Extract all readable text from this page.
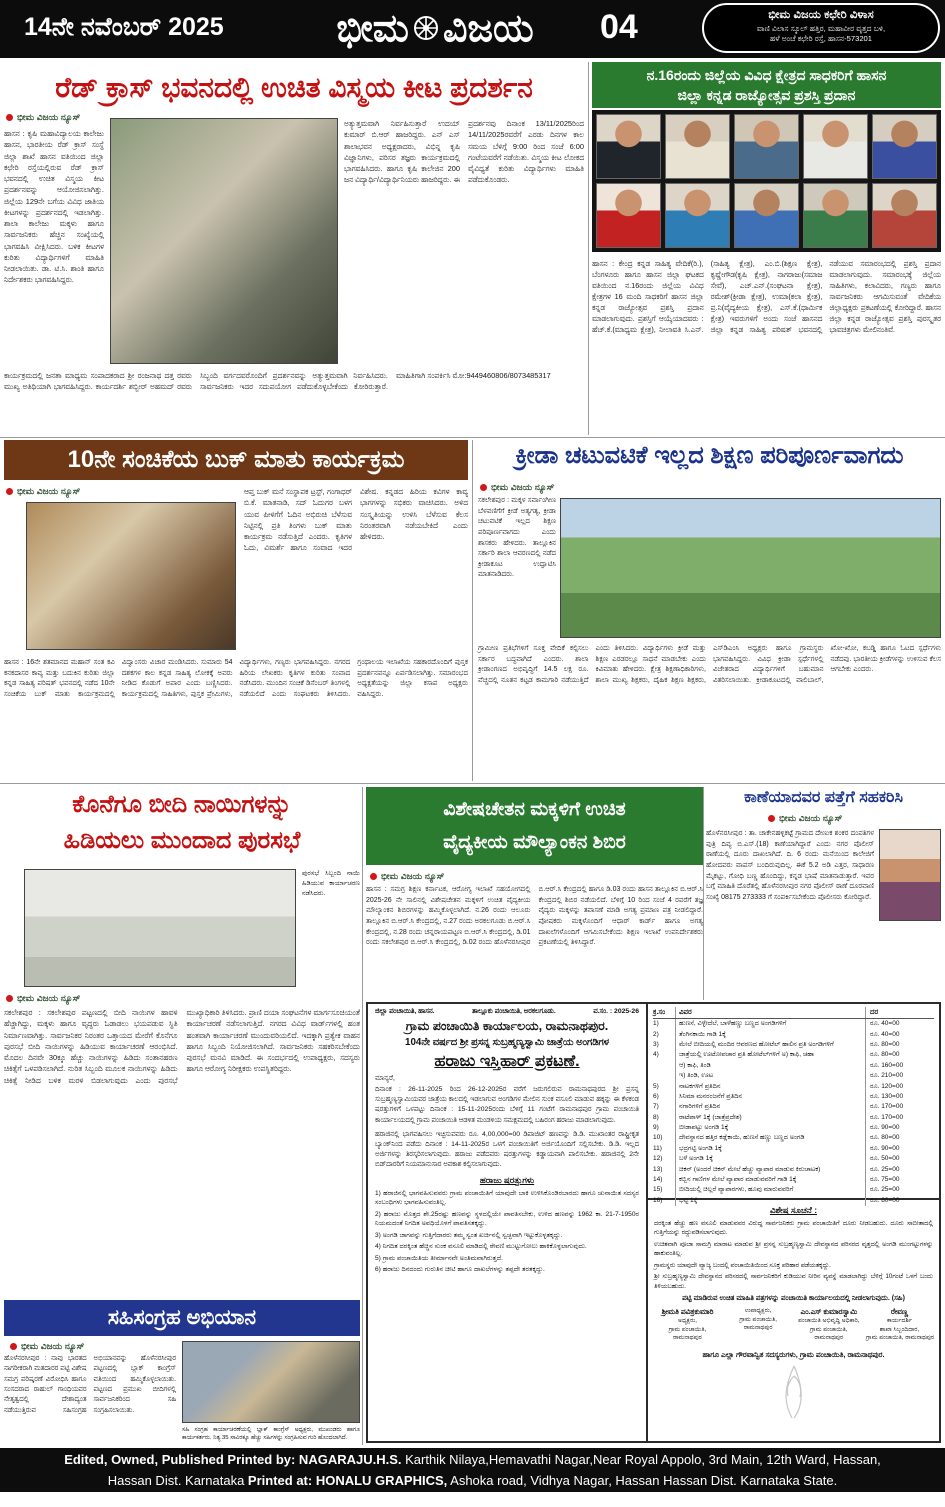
14ನೇ ನವೆಂಬರ್ 2025	ಭೀಮ ವಿಜಯ 04	ಭೀಮ ವಿಜಯ ಕಛೇರಿ ವಿಳಾಸ
ವಾಣಿ ವಿಲಾಸ ಸ್ಕೂಲ್ ಹತ್ತಿರ, ಮಹಾವೀರ ವೃತ್ತದ ಬಳಿ,
ಹಳೆ ಅಂಚೆ ಕಛೇರಿ ರಸ್ತೆ, ಹಾಸನ-573201
ರೆಡ್ ಕ್ರಾಸ್ ಭವನದಲ್ಲಿ ಉಚಿತ ವಿಸ್ಮಯ ಕೀಟ ಪ್ರದರ್ಶನ
ಭೀಮ ವಿಜಯ ನ್ಯೂಸ್
ಹಾಸನ : ಕೃಷಿ ಮಹಾವಿದ್ಯಾಲಯ ಕಾಲೇಜು ಹಾಸನ, ಭಾರತೀಯ ರೆಡ್ ಕ್ರಾಸ್ ಸಂಸ್ಥೆ ಜಿಲ್ಲಾ ಶಾಖೆ ಹಾಸನ ವತಿಯಿಂದ ಜಿಲ್ಲಾ ಕಛೇರಿ ರಸ್ತೆಯಲ್ಲಿರುವ ರೆಡ್ ಕ್ರಾಸ್ ಭವನದಲ್ಲಿ ಉಚಿತ ವಿಸ್ಮಯ ಕೀಟ ಪ್ರದರ್ಶನವನ್ನು ಆಯೋಜಿಸಲಾಗಿತ್ತು. ಜಿಲ್ಲೆಯ 129ನೇ ಬಗೆಯ ವಿವಿಧ ಜಾತಿಯ ಕೀಟಗಳನ್ನು ಪ್ರದರ್ಶನದಲ್ಲಿ ಇಡಲಾಗಿತ್ತು. ಶಾಲಾ ಕಾಲೇಜು ಮಕ್ಕಳು ಹಾಗೂ ಸಾರ್ವಜನಿಕರು ಹೆಚ್ಚಿನ ಸಂಖ್ಯೆಯಲ್ಲಿ ಭಾಗವಹಿಸಿ ವೀಕ್ಷಿಸಿದರು. ಬಳಿಕ ಕೀಟಗಳ ಕುರಿತು ವಿದ್ಯಾರ್ಥಿಗಳಿಗೆ ಮಾಹಿತಿ ನೀಡಲಾಯಿತು. ಡಾ. ಟಿ.ಸಿ. ಶಾಂತಿ ಹಾಗೂ ನಿರ್ದೇಶಕರು ಭಾಗವಹಿಸಿದ್ದರು.
ಅತ್ಯುತ್ತಮವಾಗಿ ನಿರ್ವಹಿಸುತ್ತಾರೆ ಉದಯ್ ಕುಮಾರ್ ಬಿ.ಆರ್ ಹಾಜರಿದ್ದರು. ಎನ್ ಎಸ್ ಶಾಲಾಭವನ ಅಧ್ಯಕ್ಷರಾದರು, ವಿಭಿನ್ನ ಕೃಷಿ ವಿಜ್ಞಾನಿಗಳು, ಪರಿಸರ ತಜ್ಞರು ಕಾರ್ಯಕ್ರಮದಲ್ಲಿ ಭಾಗವಹಿಸಿದರು. ಹಾಗೂ ಕೃಷಿ ಕಾಲೇಜಿನ 200 ಜನ ವಿದ್ಯಾರ್ಥಿ/ವಿದ್ಯಾರ್ಥಿನಿಯರು ಹಾಜರಿದ್ದರು. ಈ ಪ್ರದರ್ಶನವು ದಿನಾಂಕ 13/11/2025ರಿಂದ 14/11/2025ರವರೆಗೆ ಎರಡು ದಿನಗಳ ಕಾಲ ಸಮಯ ಬೆಳಿಗ್ಗೆ 9:00 ರಿಂದ ಸಂಜೆ 6:00 ಗಂಟೆಯವರೆಗೆ ನಡೆಯಿತು. ವಿಸ್ಮಯ ಕೀಟ ಲೋಕದ ವೈವಿಧ್ಯತೆ ಕುರಿತು ವಿದ್ಯಾರ್ಥಿಗಳು ಮಾಹಿತಿ ಪಡೆದುಕೊಂಡರು.
ಕಾರ್ಯಕ್ರಮದಲ್ಲಿ ಜನತಾ ಮಾಧ್ಯಮ ಸಂಪಾದಕರಾದ ಶ್ರೀ ರಂಜನಾಥ ದತ್ತ ರವರು ಮುಖ್ಯ ಅತಿಥಿಯಾಗಿ ಭಾಗವಹಿಸಿದ್ದರು. ಕಾರ್ಯದರ್ಶಿ ಶಬ್ಬೀರ್ ಅಹಮದ್ ರವರು ಸಿಬ್ಬಂದಿ ವರ್ಗದವರೊಂದಿಗೆ ಪ್ರದರ್ಶನವನ್ನು ಅತ್ಯುತ್ತಮವಾಗಿ ನಿರ್ವಹಿಸಿದರು. ಸಾರ್ವಜನಿಕರು ಇದರ ಸದುಪಯೋಗ ಪಡೆದುಕೊಳ್ಳಬೇಕೆಂದು ಕೋರಿರುತ್ತಾರೆ. ಮಾಹಿತಿಗಾಗಿ ಸಂಪರ್ಕಿಸಿ ಮೋ:9449460806/8073485317
ನ.16ರಂದು ಜಿಲ್ಲೆಯ ವಿವಿಧ ಕ್ಷೇತ್ರದ ಸಾಧಕರಿಗೆ ಹಾಸನ
ಜಿಲ್ಲಾ ಕನ್ನಡ ರಾಜ್ಯೋತ್ಸವ ಪ್ರಶಸ್ತಿ ಪ್ರದಾನ
ಹಾಸನ : ಕೇಂದ್ರ ಕನ್ನಡ ಸಾಹಿತ್ಯ ವೇದಿಕೆ(ರಿ.), ಬೆಂಗಳೂರು ಹಾಗೂ ಹಾಸನ ಜಿಲ್ಲಾ ಘಟಕದ ವತಿಯಿಂದ ನ.16ರಂದು ಜಿಲ್ಲೆಯ ವಿವಿಧ ಕ್ಷೇತ್ರಗಳ 16 ಮಂದಿ ಸಾಧಕರಿಗೆ ಹಾಸನ ಜಿಲ್ಲಾ ಕನ್ನಡ ರಾಜ್ಯೋತ್ಸವ ಪ್ರಶಸ್ತಿ ಪ್ರದಾನ ಮಾಡಲಾಗುವುದು. ಪ್ರಶಸ್ತಿಗೆ ಆಯ್ಕೆಯಾದವರು : ಹೆಚ್.ಕೆ.(ಮಾಧ್ಯಮ ಕ್ಷೇತ್ರ), ನೀಲಾವತಿ ಸಿ.ಎನ್.(ಸಾಹಿತ್ಯ ಕ್ಷೇತ್ರ), ಎಂ.ಬಿ.(ಶಿಕ್ಷಣ ಕ್ಷೇತ್ರ), ಕೃಷ್ಣೇಗೌಡ(ಕೃಷಿ ಕ್ಷೇತ್ರ), ನಾಗರಾಜು(ಸಮಾಜ ಸೇವೆ), ಎಚ್.ಎನ್.(ಸಂಘಟನಾ ಕ್ಷೇತ್ರ), ರಮೇಶ್(ಕ್ರೀಡಾ ಕ್ಷೇತ್ರ), ಉಮಾ(ಕಲಾ ಕ್ಷೇತ್ರ), ಪ್ರ.ನಿ(ವೈದ್ಯಕೀಯ ಕ್ಷೇತ್ರ), ಎಸ್.ಕೆ.(ಧಾರ್ಮಿಕ ಕ್ಷೇತ್ರ) ಇವರುಗಳಿಗೆ ಅಂದು ಸಂಜೆ ಹಾಸನದ ಜಿಲ್ಲಾ ಕನ್ನಡ ಸಾಹಿತ್ಯ ಪರಿಷತ್ ಭವನದಲ್ಲಿ ನಡೆಯುವ ಸಮಾರಂಭದಲ್ಲಿ ಪ್ರಶಸ್ತಿ ಪ್ರದಾನ ಮಾಡಲಾಗುವುದು. ಸಮಾರಂಭಕ್ಕೆ ಜಿಲ್ಲೆಯ ಸಾಹಿತಿಗಳು, ಕಲಾವಿದರು, ಗಣ್ಯರು ಹಾಗೂ ಸಾರ್ವಜನಿಕರು ಆಗಮಿಸುವಂತೆ ವೇದಿಕೆಯ ಜಿಲ್ಲಾಧ್ಯಕ್ಷರು ಪ್ರಕಟಣೆಯಲ್ಲಿ ಕೋರಿದ್ದಾರೆ. ಹಾಸನ ಜಿಲ್ಲಾ ಕನ್ನಡ ರಾಜ್ಯೋತ್ಸವ ಪ್ರಶಸ್ತಿ ಪುರಸ್ಕೃತರ ಭಾವಚಿತ್ರಗಳು ಮೇಲಿನಂತಿವೆ.
10ನೇ ಸಂಚಿಕೆಯ ಬುಕ್ ಮಾತು ಕಾರ್ಯಕ್ರಮ
ಭೀಮ ವಿಜಯ ನ್ಯೂಸ್	ಆಪ್ತ ಬುಕ್ ಮನೆ ಸಂಸ್ಥಾಪಕ ಟ್ರಸ್ಟ್, ಗಂಗಾಧರ್ ಬಿ.ಕೆ. ಮಾತನಾಡಿ, ಸದ್ ಓದುಗರ ಬಳಗ ಯುವ ಪೀಳಿಗೆಗೆ ಓದಿನ ಅಭಿರುಚಿ ಬೆಳೆಸುವ ನಿಟ್ಟಿನಲ್ಲಿ ಪ್ರತಿ ತಿಂಗಳು ಬುಕ್ ಮಾತು ಕಾರ್ಯಕ್ರಮ ನಡೆಸುತ್ತಿದೆ ಎಂದರು. ಕೃತಿಗಳ ಓದು, ವಿಮರ್ಶೆ ಹಾಗೂ ಸಂವಾದ ಇದರ ವಿಶೇಷ. ಕನ್ನಡದ ಹಿರಿಯ ಕವಿಗಳ ಕಾವ್ಯ ಭಾಗಗಳನ್ನು ಸಭಿಕರು ವಾಚಿಸಿದರು. ಅಳಿದ ಸಂಸ್ಕೃತಿಯನ್ನು ಉಳಿಸಿ ಬೆಳೆಸುವ ಕೆಲಸ ನಿರಂತರವಾಗಿ ನಡೆಯಬೇಕಿದೆ ಎಂದು ಹೇಳಿದರು.
ಹಾಸನ : 16ನೇ ಶತಮಾನದ ಮಹಾನ್ ಸಂತ ಕವಿ ಕನಕದಾಸರ ಕಾವ್ಯ ಮತ್ತು ಬದುಕಿನ ಕುರಿತು ಜಿಲ್ಲಾ ಕನ್ನಡ ಸಾಹಿತ್ಯ ಪರಿಷತ್ ಭವನದಲ್ಲಿ ನಡೆದ 10ನೇ ಸಂಚಿಕೆಯ ಬುಕ್ ಮಾತು ಕಾರ್ಯಕ್ರಮದಲ್ಲಿ ವಿದ್ವಾಂಸರು ವಿಚಾರ ಮಂಡಿಸಿದರು. ಸುಮಾರು 54 ದಶಕಗಳ ಕಾಲ ಕನ್ನಡ ಸಾಹಿತ್ಯ ಲೋಕಕ್ಕೆ ಅವರು ನೀಡಿದ ಕೊಡುಗೆ ಅಪಾರ ಎಂದು ಬಣ್ಣಿಸಿದರು. ಕಾರ್ಯಕ್ರಮದಲ್ಲಿ ಸಾಹಿತಿಗಳು, ಪುಸ್ತಕ ಪ್ರೇಮಿಗಳು, ವಿದ್ಯಾರ್ಥಿಗಳು, ಗಣ್ಯರು ಭಾಗವಹಿಸಿದ್ದರು. ನಗರದ ಹಿರಿಯ ಲೇಖಕರು ಕೃತಿಗಳ ಕುರಿತು ಸಂವಾದ ನಡೆಸಿದರು. ಮುಂದಿನ ಸಂಚಿಕೆ ಡಿಸೆಂಬರ್ ತಿಂಗಳಲ್ಲಿ ನಡೆಯಲಿದೆ ಎಂದು ಸಂಘಟಕರು ತಿಳಿಸಿದರು. ಗ್ರಂಥಾಲಯ ಇಲಾಖೆಯ ಸಹಕಾರದೊಂದಿಗೆ ಪುಸ್ತಕ ಪ್ರದರ್ಶನವನ್ನೂ ಏರ್ಪಡಿಸಲಾಗಿತ್ತು. ಸಮಾರಂಭದ ಅಧ್ಯಕ್ಷತೆಯನ್ನು ಜಿಲ್ಲಾ ಕಸಾಪ ಅಧ್ಯಕ್ಷರು ವಹಿಸಿದ್ದರು.
ಕ್ರೀಡಾ ಚಟುವಟಿಕೆ ಇಲ್ಲದ ಶಿಕ್ಷಣ ಪರಿಪೂರ್ಣವಾಗದು
ಭೀಮ ವಿಜಯ ನ್ಯೂಸ್
ಸಕಲೇಶಪುರ : ಮಕ್ಕಳ ಸರ್ವಾಂಗೀಣ ಬೆಳವಣಿಗೆಗೆ ಕ್ರೀಡೆ ಅತ್ಯಗತ್ಯ, ಕ್ರೀಡಾ ಚಟುವಟಿಕೆ ಇಲ್ಲದ ಶಿಕ್ಷಣ ಪರಿಪೂರ್ಣವಾಗದು ಎಂದು ಶಾಸಕರು ಹೇಳಿದರು. ತಾಲ್ಲೂಕಿನ ಸರ್ಕಾರಿ ಶಾಲಾ ಆವರಣದಲ್ಲಿ ನಡೆದ ಕ್ರೀಡಾಕೂಟ ಉದ್ಘಾಟಿಸಿ ಮಾತನಾಡಿದರು.
ಗ್ರಾಮೀಣ ಪ್ರತಿಭೆಗಳಿಗೆ ಸೂಕ್ತ ವೇದಿಕೆ ಕಲ್ಪಿಸಲು ಸರ್ಕಾರ ಬದ್ಧವಾಗಿದೆ ಎಂದರು. ಶಾಲಾ ಕ್ರೀಡಾಂಗಣದ ಅಭಿವೃದ್ಧಿಗೆ 14.5 ಲಕ್ಷ ರೂ. ವೆಚ್ಚದಲ್ಲಿ ನೂತನ ಕಟ್ಟಡ ಕಾಮಗಾರಿ ನಡೆಯುತ್ತಿದೆ ಎಂದು ತಿಳಿಸಿದರು. ವಿದ್ಯಾರ್ಥಿಗಳು ಕ್ರೀಡೆ ಮತ್ತು ಶಿಕ್ಷಣ ಎರಡರಲ್ಲೂ ಸಾಧನೆ ಮಾಡಬೇಕು ಎಂದು ಕಿವಿಮಾತು ಹೇಳಿದರು. ಕ್ಷೇತ್ರ ಶಿಕ್ಷಣಾಧಿಕಾರಿಗಳು, ಶಾಲಾ ಮುಖ್ಯ ಶಿಕ್ಷಕರು, ದೈಹಿಕ ಶಿಕ್ಷಣ ಶಿಕ್ಷಕರು, ಎಸ್‌ಡಿಎಂಸಿ ಅಧ್ಯಕ್ಷರು ಹಾಗೂ ಗ್ರಾಮಸ್ಥರು ಭಾಗವಹಿಸಿದ್ದರು. ವಿವಿಧ ಕ್ರೀಡಾ ಸ್ಪರ್ಧೆಗಳಲ್ಲಿ ವಿಜೇತರಾದ ವಿದ್ಯಾರ್ಥಿಗಳಿಗೆ ಬಹುಮಾನ ವಿತರಿಸಲಾಯಿತು. ಕ್ರೀಡಾಕೂಟದಲ್ಲಿ ವಾಲಿಬಾಲ್, ಖೋ-ಖೋ, ಕಬಡ್ಡಿ ಹಾಗೂ ಓಟದ ಸ್ಪರ್ಧೆಗಳು ನಡೆದವು. ಭಾರತೀಯ ಕ್ರೀಡೆಗಳನ್ನು ಉಳಿಸುವ ಕೆಲಸ ಆಗಬೇಕು ಎಂದರು.
ಕೊನೆಗೂ ಬೀದಿ ನಾಯಿಗಳನ್ನು
ಹಿಡಿಯಲು ಮುಂದಾದ ಪುರಸಭೆ
ಪುರಸಭೆ ಸಿಬ್ಬಂದಿ ನಾಯಿ ಹಿಡಿಯುವ ಕಾರ್ಯಾಚರಣ ನಡೆಸಿದರು.
ಭೀಮ ವಿಜಯ ನ್ಯೂಸ್
ಸಕಲೇಶಪುರ : ಸಕಲೇಶಪುರ ಪಟ್ಟಣದಲ್ಲಿ ಬೀದಿ ನಾಯಿಗಳ ಹಾವಳಿ ಹೆಚ್ಚಾಗಿದ್ದು, ಮಕ್ಕಳು ಹಾಗೂ ವೃದ್ಧರು ಓಡಾಡಲು ಭಯಪಡುವ ಸ್ಥಿತಿ ನಿರ್ಮಾಣವಾಗಿತ್ತು. ಸಾರ್ವಜನಿಕರ ನಿರಂತರ ಒತ್ತಾಯದ ಮೇರೆಗೆ ಕೊನೆಗೂ ಪುರಸಭೆ ಬೀದಿ ನಾಯಿಗಳನ್ನು ಹಿಡಿಯುವ ಕಾರ್ಯಾಚರಣೆ ಆರಂಭಿಸಿದೆ. ಮೊದಲ ದಿನವೇ 30ಕ್ಕೂ ಹೆಚ್ಚು ನಾಯಿಗಳನ್ನು ಹಿಡಿದು ಸಂತಾನಹರಣ ಚಿಕಿತ್ಸೆಗೆ ಒಳಪಡಿಸಲಾಗಿದೆ. ನುರಿತ ಸಿಬ್ಬಂದಿ ಮೂಲಕ ನಾಯಿಗಳನ್ನು ಹಿಡಿದು ಚಿಕಿತ್ಸೆ ನೀಡಿದ ಬಳಿಕ ಮರಳಿ ಬಿಡಲಾಗುವುದು ಎಂದು ಪುರಸಭೆ ಮುಖ್ಯಾಧಿಕಾರಿ ತಿಳಿಸಿದರು. ಪ್ರಾಣಿ ದಯಾ ಸಂಘಟನೆಗಳ ಮಾರ್ಗಸೂಚಿಯಂತೆ ಕಾರ್ಯಾಚರಣೆ ನಡೆಸಲಾಗುತ್ತಿದೆ. ನಗರದ ವಿವಿಧ ವಾರ್ಡ್‌ಗಳಲ್ಲಿ ಹಂತ ಹಂತವಾಗಿ ಕಾರ್ಯಾಚರಣೆ ಮುಂದುವರಿಯಲಿದೆ. ಇದಕ್ಕಾಗಿ ಪ್ರತ್ಯೇಕ ವಾಹನ ಹಾಗೂ ಸಿಬ್ಬಂದಿ ನಿಯೋಜಿಸಲಾಗಿದೆ. ಸಾರ್ವಜನಿಕರು ಸಹಕರಿಸಬೇಕೆಂದು ಪುರಸಭೆ ಮನವಿ ಮಾಡಿದೆ. ಈ ಸಂದರ್ಭದಲ್ಲಿ ಉಪಾಧ್ಯಕ್ಷರು, ಸದಸ್ಯರು ಹಾಗೂ ಆರೋಗ್ಯ ನಿರೀಕ್ಷಕರು ಉಪಸ್ಥಿತರಿದ್ದರು.
ವಿಶೇಷಚೇತನ ಮಕ್ಕಳಿಗೆ ಉಚಿತ
ವೈದ್ಯಕೀಯ ಮೌಲ್ಯಾಂಕನ ಶಿಬಿರ
ಭೀಮ ವಿಜಯ ನ್ಯೂಸ್
ಹಾಸನ : ಸಮಗ್ರ ಶಿಕ್ಷಣ ಕರ್ನಾಟಕ, ಆರೋಗ್ಯ ಇಲಾಖೆ ಸಹಯೋಗದಲ್ಲಿ 2025-26 ನೇ ಸಾಲಿನಲ್ಲಿ ವಿಶೇಷಚೇತನ ಮಕ್ಕಳಿಗೆ ಉಚಿತ ವೈದ್ಯಕೀಯ ಮೌಲ್ಯಾಂಕನ ಶಿಬಿರಗಳನ್ನು ಹಮ್ಮಿಕೊಳ್ಳಲಾಗಿದೆ. ನ.26 ರಂದು ಆಲೂರು ತಾಲ್ಲೂಕಿನ ಬಿ.ಆರ್.ಸಿ ಕೇಂದ್ರದಲ್ಲಿ, ನ.27 ರಂದು ಅರಕಲಗೂಡು ಬಿ.ಆರ್.ಸಿ ಕೇಂದ್ರದಲ್ಲಿ, ನ.28 ರಂದು ಚನ್ನರಾಯಪಟ್ಟಣ ಬಿ.ಆರ್.ಸಿ ಕೇಂದ್ರದಲ್ಲಿ, ಡಿ.01 ರಂದು ಸಕಲೇಶಪುರ ಬಿ.ಆರ್.ಸಿ ಕೇಂದ್ರದಲ್ಲಿ, ಡಿ.02 ರಂದು ಹೊಳೆನರಸೀಪುರ ಬಿ.ಆರ್.ಸಿ ಕೇಂದ್ರದಲ್ಲಿ ಹಾಗೂ ಡಿ.03 ರಂದು ಹಾಸನ ತಾಲ್ಲೂಕಿನ ಬಿ.ಆರ್.ಸಿ ಕೇಂದ್ರದಲ್ಲಿ ಶಿಬಿರ ನಡೆಯಲಿದೆ. ಬೆಳಿಗ್ಗೆ 10 ರಿಂದ ಸಂಜೆ 4 ರವರೆಗೆ ತಜ್ಞ ವೈದ್ಯರು ಮಕ್ಕಳನ್ನು ತಪಾಸಣೆ ಮಾಡಿ ಅಗತ್ಯ ಪ್ರಮಾಣ ಪತ್ರ ನೀಡಲಿದ್ದಾರೆ. ಪೋಷಕರು ಮಕ್ಕಳೊಂದಿಗೆ ಆಧಾರ್ ಕಾರ್ಡ್ ಹಾಗೂ ಅಗತ್ಯ ದಾಖಲೆಗಳೊಂದಿಗೆ ಆಗಮಿಸಬೇಕೆಂದು ಶಿಕ್ಷಣ ಇಲಾಖೆ ಉಪನಿರ್ದೇಶಕರು ಪ್ರಕಟಣೆಯಲ್ಲಿ ತಿಳಿಸಿದ್ದಾರೆ.
ಕಾಣೆಯಾದವರ ಪತ್ತೆಗೆ ಸಹಕರಿಸಿ
ಭೀಮ ವಿಜಯ ನ್ಯೂಸ್
ಹೊಳೆನರಸೀಪುರ : ತಾ. ಚಾಕೇನಹಳ್ಳಿಕಟ್ಟೆ ಗ್ರಾಮದ ದೇಣುಕ ಶಂಕರ ದಂಪತಿಗಳ ಪುತ್ರಿ ದಿವ್ಯ ಬಿ.ಎಸ್.(18) ಕಾಣೆಯಾಗಿದ್ದಾರೆ ಎಂದು ನಗರ ಪೊಲೀಸ್ ಠಾಣೆಯಲ್ಲಿ ದೂರು ದಾಖಲಾಗಿದೆ. ದಿ. 6 ರಂದು ಮನೆಯಿಂದ ಕಾಲೇಜಿಗೆ ಹೋದವರು ವಾಪಸ್ ಬಂದಿರುವುದಿಲ್ಲ. ಈಕೆ 5.2 ಅಡಿ ಎತ್ತರ, ಸಾಧಾರಣ ಮೈಕಟ್ಟು, ಗೋಧಿ ಬಣ್ಣ ಹೊಂದಿದ್ದು, ಕನ್ನಡ ಭಾಷೆ ಮಾತನಾಡುತ್ತಾರೆ. ಇವರ ಬಗ್ಗೆ ಮಾಹಿತಿ ದೊರೆತಲ್ಲಿ ಹೊಳೆನರಸೀಪುರ ನಗರ ಪೊಲೀಸ್ ಠಾಣೆ ದೂರವಾಣಿ ಸಂಖ್ಯೆ 08175 273333 ಗೆ ಸಂಪರ್ಕಿಸಬೇಕೆಂದು ಪೊಲೀಸರು ಕೋರಿದ್ದಾರೆ.
ಜಿಲ್ಲಾ ಪಂಚಾಯಿತಿ, ಹಾಸನ.	ತಾಲ್ಲೂಕು ಪಂಚಾಯಿತಿ, ಅರಕಲಗೂಡು.	ವ.ಸಂ. : 2025-26
ಗ್ರಾಮ ಪಂಚಾಯಿತಿ ಕಾರ್ಯಾಲಯ, ರಾಮನಾಥಪುರ.
104ನೇ ವರ್ಷದ ಶ್ರೀ ಪ್ರಸನ್ನ ಸುಬ್ರಹ್ಮಣ್ಯಸ್ವಾಮಿ ಜಾತ್ರೆಯ ಅಂಗಡಿಗಳ
ಹರಾಜು ಇಸ್ತಿಹಾರ್ ಪ್ರಕಟಣೆ.
ಮಾನ್ಯರೆ,
ದಿನಾಂಕ : 26-11-2025 ರಿಂದ 26-12-2025ರ ವರೆಗೆ ಜರುಗಲಿರುವ ರಾಮನಾಥಪುರದ ಶ್ರೀ ಪ್ರಸನ್ನ ಸುಬ್ರಹ್ಮಣ್ಯಸ್ವಾಮಿಯವರ ಜಾತ್ರೆಯ ಕಾಲದಲ್ಲಿ ಇಡಲಾಗುವ ಅಂಗಡಿಗಳ ಮೇಲಿನ ಸುಂಕ ವಸೂಲಿ ಮಾಡುವ ಹಕ್ಕನ್ನು ಈ ಕೆಳಕಂಡ ಷರತ್ತುಗಳಿಗೆ ಒಳಪಟ್ಟು ದಿನಾಂಕ : 15-11-2025ರಂದು ಬೆಳಿಗ್ಗೆ 11 ಗಂಟೆಗೆ ರಾಮನಾಥಪುರ ಗ್ರಾಮ ಪಂಚಾಯಿತಿ ಕಾರ್ಯಾಲಯದಲ್ಲಿ ಗ್ರಾಮ ಪಂಚಾಯಿತಿ ಆಡಳಿತ ಮಂಡಳಿಯ ಸಮಕ್ಷಮದಲ್ಲಿ ಬಹಿರಂಗ ಹರಾಜು ಮಾಡಲಾಗುವುದು.
ಹರಾಜಿನಲ್ಲಿ ಭಾಗವಹಿಸಲು ಇಚ್ಛಿಸುವವರು ರೂ. 4,00,000=00 ಡಿಪಾಜಿಟ್ ಹಣವನ್ನು ಡಿ.ಡಿ. ಮುಖಾಂತರ ರಾಷ್ಟ್ರೀಕೃತ ಬ್ಯಾಂಕ್‌ನಿಂದ ಪಡೆದು ದಿನಾಂಕ : 14-11-2025ರ ಒಳಗೆ ಪಂಚಾಯಿತಿಗೆ ಅರ್ಜಿಯೊಂದಿಗೆ ಸಲ್ಲಿಸಬೇಕು. ಡಿ.ಡಿ. ಇಲ್ಲದ ಅರ್ಜಿಗಳನ್ನು ತಿರಸ್ಕರಿಸಲಾಗುವುದು. ಹರಾಜು ಪಡೆದವರು ಷರತ್ತುಗಳನ್ನು ಕಡ್ಡಾಯವಾಗಿ ಪಾಲಿಸಬೇಕು. ಹರಾಜಿನಲ್ಲಿ 2ನೇ ಬಿಡ್‌ದಾರರಿಗೆ ನಿಯಮಾನುಸಾರ ಅವಕಾಶ ಕಲ್ಪಿಸಲಾಗುವುದು.
ಹರಾಜು ಷರತ್ತುಗಳು
1) ಹರಾಜಿನಲ್ಲಿ ಭಾಗವಹಿಸುವವರು ಗ್ರಾಮ ಪಂಚಾಯಿತಿಗೆ ಯಾವುದೇ ಬಾಕಿ ಉಳಿಸಿಕೊಂಡಿರಬಾರದು ಹಾಗೂ ಚುನಾಯಿತ ಸದಸ್ಯರ ಸಂಬಂಧಿಗಳು ಭಾಗವಹಿಸುವಂತಿಲ್ಲ.
2) ಹರಾಜು ಮೊತ್ತದ ಶೇ.25ರಷ್ಟು ಹಣವನ್ನು ಸ್ಥಳದಲ್ಲಿಯೇ ಪಾವತಿಸಬೇಕು, ಉಳಿದ ಹಣವನ್ನು 1962 ಕಾ. 21-7-1950ರ ನಿಯಮದಂತೆ ನಿಗದಿತ ಅವಧಿಯೊಳಗೆ ಪಾವತಿಸತಕ್ಕದ್ದು.
3) ಅಂಗಡಿ ಜಾಗವನ್ನು ಗುತ್ತಿಗೆದಾರರು ತಮ್ಮ ಸ್ವಂತ ಖರ್ಚಿನಲ್ಲಿ ಸ್ವಚ್ಛವಾಗಿ ಇಟ್ಟುಕೊಳ್ಳತಕ್ಕದ್ದು.
4) ನಿಗದಿತ ದರಕ್ಕಿಂತ ಹೆಚ್ಚಿನ ಸುಂಕ ವಸೂಲಿ ಮಾಡಿದಲ್ಲಿ ಠೇವಣಿ ಮುಟ್ಟುಗೋಲು ಹಾಕಿಕೊಳ್ಳಲಾಗುವುದು.
5) ಗ್ರಾಮ ಪಂಚಾಯಿತಿಯ ತೀರ್ಮಾನವೇ ಅಂತಿಮವಾಗಿರುತ್ತದೆ.
6) ಹರಾಜು ದಿನದಂದು ಗುರುತಿನ ಚೀಟಿ ಹಾಗೂ ದಾಖಲೆಗಳನ್ನು ತಪ್ಪದೇ ತರತಕ್ಕದ್ದು.
ಕ್ರ.ಸಂ	ವಿವರ	ದರ
1)	ಹುಣಸೆ, ವಿಳ್ಳೇದೆಲೆ, ಬಾಳೆಹಣ್ಣು ಬಣ್ಣದ ಅಂಗಡಿಗಳಿಗೆ	ರೂ. 40=00
2)	ತೆಂಗಿನಕಾಯಿ ಗಾಡಿ 1ಕ್ಕೆ	ರೂ. 40=00
3)	ಮೇಲೆ ಬೀದಿಯಲ್ಲಿ ಮಂದಿರ ಆವರಣದ ಹೋಟೆಲ್ ಹಾಲಿನ ಪ್ರತಿ ಅಂಗಡಿಗಳಿಗೆ	ರೂ. 80=00
4)	ಜಾತ್ರೆಯಲ್ಲಿ ಊಟೋಪಚಾರ ಪ್ರತಿ ಹೋಟೆಲ್‌ಗಳಿಗೆ ಅ) ಕಾಫಿ, ಚಹಾ	ರೂ. 80=00
ಆ) ಕಾಫಿ, ತಿಂಡಿ	ರೂ. 160=00
ಇ) ತಿಂಡಿ, ಊಟ	ರೂ. 210=00
5)	ನಾಟಕಗಳಿಗೆ ಪ್ರತಿದಿನ	ರೂ. 120=00
6)	ಸಿನಿಮಾ ಮನರಂಜನೆಗೆ ಪ್ರತಿದಿನ	ರೂ. 130=00
7)	ನಗಾರಿಗಳಿಗೆ ಪ್ರತಿದಿನ	ರೂ. 170=00
8)	ರಾಟೆಪಾಳ್ 1ಕ್ಕೆ (ಜಾತ್ರೆಪ್ರದೇಶ)	ರೂ. 170=00
9)	ಬೀಡಾಪಟ್ಟು ಅಂಗಡಿ 1ಕ್ಕೆ	ರೂ. 90=00
10)	ದೇವಸ್ಥಾನದ ಹತ್ತಿರ ಕಡ್ಲೆಕಾಯಿ, ಹುಣಸೆ ಹಣ್ಣು ಬಣ್ಣದ ಅಂಗಡಿ	ರೂ. 80=00
11)	ಭದ್ರಗಟ್ಟಿ ಅಂಗಡಿ 1ಕ್ಕೆ	ರೂ. 90=00
12)	ಬಳೆ ಅಂಗಡಿ 1ಕ್ಕೆ	ರೂ. 50=00
13)	ಚಿಕನ್ (ಅಂದರೆ ಚಿಕನ್ ಮೇಲೆ ಹೆಚ್ಚು ವ್ಯಾಪಾರ ಮಾಡುವ ಕಿರುಚಾಟಕ)	ರೂ. 25=00
14)	ಕಬ್ಬಿನ ಗಾಣಿಗಳ ಮೇಲೆ ವ್ಯಾಪಾರ ಮಾಡುವವರಿಗೆ ಗಾಡಿ 1ಕ್ಕೆ	ರೂ. 75=00
15)	ಬೀದಿಯಲ್ಲಿ ಚಿಲ್ಲರೆ ವ್ಯಾಪಾರಗಳು, ಹೂವು ಮಾರುವವರಿಗೆ	ರೂ. 25=00
16)	ಭಟ್ಟಿ 1ಕ್ಕೆ	ರೂ. 80=00
ವಿಶೇಷ ಸೂಚನೆ :
ದರಕ್ಕಿಂತ ಹೆಚ್ಚು ಹಣ ವಸೂಲಿ ಮಾಡುವವರ ವಿರುದ್ಧ ಸಾರ್ವಜನಿಕರು ಗ್ರಾಮ ಪಂಚಾಯಿತಿಗೆ ದೂರು ನೀಡಬಹುದು. ದೂರು ಸಾಬೀತಾದಲ್ಲಿ ಗುತ್ತಿಗೆಯನ್ನು ರದ್ದುಪಡಿಸಲಾಗುವುದು.
ಉಚಿತವಾಗಿ ಪೂಜಾ ಸಾಮಗ್ರಿ ಮಾರಾಟ ಮಾಡುವ ಶ್ರೀ ಪ್ರಸನ್ನ ಸುಬ್ರಹ್ಮಣ್ಯಸ್ವಾಮಿ ದೇವಸ್ಥಾನದ ಪರಿಸರದ ವೃತ್ತದಲ್ಲಿ ಅಂಗಡಿ ಮುಂಗಟ್ಟುಗಳನ್ನು ಹಾಕುವಂತಿಲ್ಲ.
ಗ್ರಾಮಸ್ಥರು ಯಾವುದೇ ವ್ಯಾಜ್ಯ ಬಂದಲ್ಲಿ ಪಂಚಾಯಿತಿಯಿಂದ ಸೂಕ್ತ ಪರಿಹಾರ ಪಡೆಯತಕ್ಕದ್ದು.
ಶ್ರೀ ಸುಬ್ರಹ್ಮಣ್ಯಸ್ವಾಮಿ ದೇವಸ್ಥಾನದ ಪರಿಸರದಲ್ಲಿ ಸಾರ್ವಜನಿಕರಿಗೆ ಕುಡಿಯುವ ನೀರಿನ ವ್ಯವಸ್ಥೆ ಮಾಡಲಾಗಿದ್ದು ಬೆಳಿಗ್ಗೆ 10ಗಂಟೆ ಒಳಗೆ ಬಂದು ತಿಳಿಯಬಹುದು.
ಪಟ್ಟಿ ಮಾಡಿರುವ ಉಚಿತ ಮಾಹಿತಿ ಪತ್ರಗಳನ್ನು ಪಂಚಾಯಿತಿ ಕಾರ್ಯಾಲಯದಲ್ಲಿ ನೀಡಲಾಗುವುದು. (ಸಹಿ)
ಶ್ರೀಮತಿ ಪವಿತ್ರಕುಮಾರಿ
ಅಧ್ಯಕ್ಷರು,
ಗ್ರಾಮ ಪಂಚಾಯಿತಿ,
ರಾಮನಾಥಪುರ
ಉಪಾಧ್ಯಕ್ಷರು,
ಗ್ರಾಮ ಪಂಚಾಯಿತಿ,
ರಾಮನಾಥಪುರ
ಎಂ.ಎಸ್ ಕುಮಾರಸ್ವಾಮಿ
ಪಂಚಾಯಿತಿ ಅಭಿವೃದ್ಧಿ ಅಧಿಕಾರಿ,
ಗ್ರಾಮ ಪಂಚಾಯಿತಿ,
ರಾಮನಾಥಪುರ
ರೇವಣ್ಣ
ಕಾರ್ಯದರ್ಶಿ
ಶಾಖಾ ಸಿಬ್ಬಂದಿದಾರ,
ಗ್ರಾಮ ಪಂಚಾಯಿತಿ, ರಾಮನಾಥಪುರ
ಹಾಗೂ ಎಲ್ಲಾ ಗೌರವಾನ್ವಿತ ಸದಸ್ಯರುಗಳು, ಗ್ರಾಮ ಪಂಚಾಯಿತಿ, ರಾಮನಾಥಪುರ.
ಸಹಿಸಂಗ್ರಹ ಅಭಿಯಾನ
ಭೀಮ ವಿಜಯ ನ್ಯೂಸ್
ಹೊಳೆನರಸೀಪುರ : ನಾವು ಭಾರತದ ನಾಗರೀಕರಾಗಿ ಮತದಾರರ ಪಟ್ಟಿ ವಿಶೇಷ ಸಮಗ್ರ ಪರಿಷ್ಕರಣೆ ವಿರೋಧಿಸಿ ಹಾಗೂ ಸಂಸದರಾದ ರಾಹುಲ್ ಗಾಂಧಿಯವರ ನೇತೃತ್ವದಲ್ಲಿ ದೇಶಾದ್ಯಂತ ನಡೆಯುತ್ತಿರುವ ಸಹಿಸಂಗ್ರಹ ಅಭಿಯಾನವನ್ನು ಹೊಳೆನರಸೀಪುರ ಪಟ್ಟಣದಲ್ಲಿ ಬ್ಲಾಕ್ ಕಾಂಗ್ರೆಸ್ ವತಿಯಿಂದ ಹಮ್ಮಿಕೊಳ್ಳಲಾಯಿತು. ಪಟ್ಟಣದ ಪ್ರಮುಖ ಬೀದಿಗಳಲ್ಲಿ ಸಾರ್ವಜನಿಕರಿಂದ ಸಹಿ ಸಂಗ್ರಹಿಸಲಾಯಿತು.
ಸಹಿ ಸಂಗ್ರಹ ಕಾರ್ಯಾಚರಣೆಯಲ್ಲಿ ಬ್ಲಾಕ್ ಕಾಂಗ್ರೆಸ್ ಅಧ್ಯಕ್ಷರು, ಮುಖಂಡರು ಹಾಗೂ ಕಾರ್ಯಕರ್ತರು. ನಿತ್ಯ 35 ಸಾವಿರಕ್ಕೂ ಹೆಚ್ಚು ಸಹಿಗಳನ್ನು ಸಂಗ್ರಹಿಸುವ ಗುರಿ ಹೊಂದಲಾಗಿದೆ.
Edited, Owned, Published Printed by: NAGARAJU.H.S. Karthik Nilaya,Hemavathi Nagar,Near Royal Appolo, 3rd Main, 12th Ward, Hassan,
Hassan Dist. Karnataka Printed at: HONALU GRAPHICS, Ashoka road, Vidhya Nagar, Hassan Hassan Dist. Karnataka State.
